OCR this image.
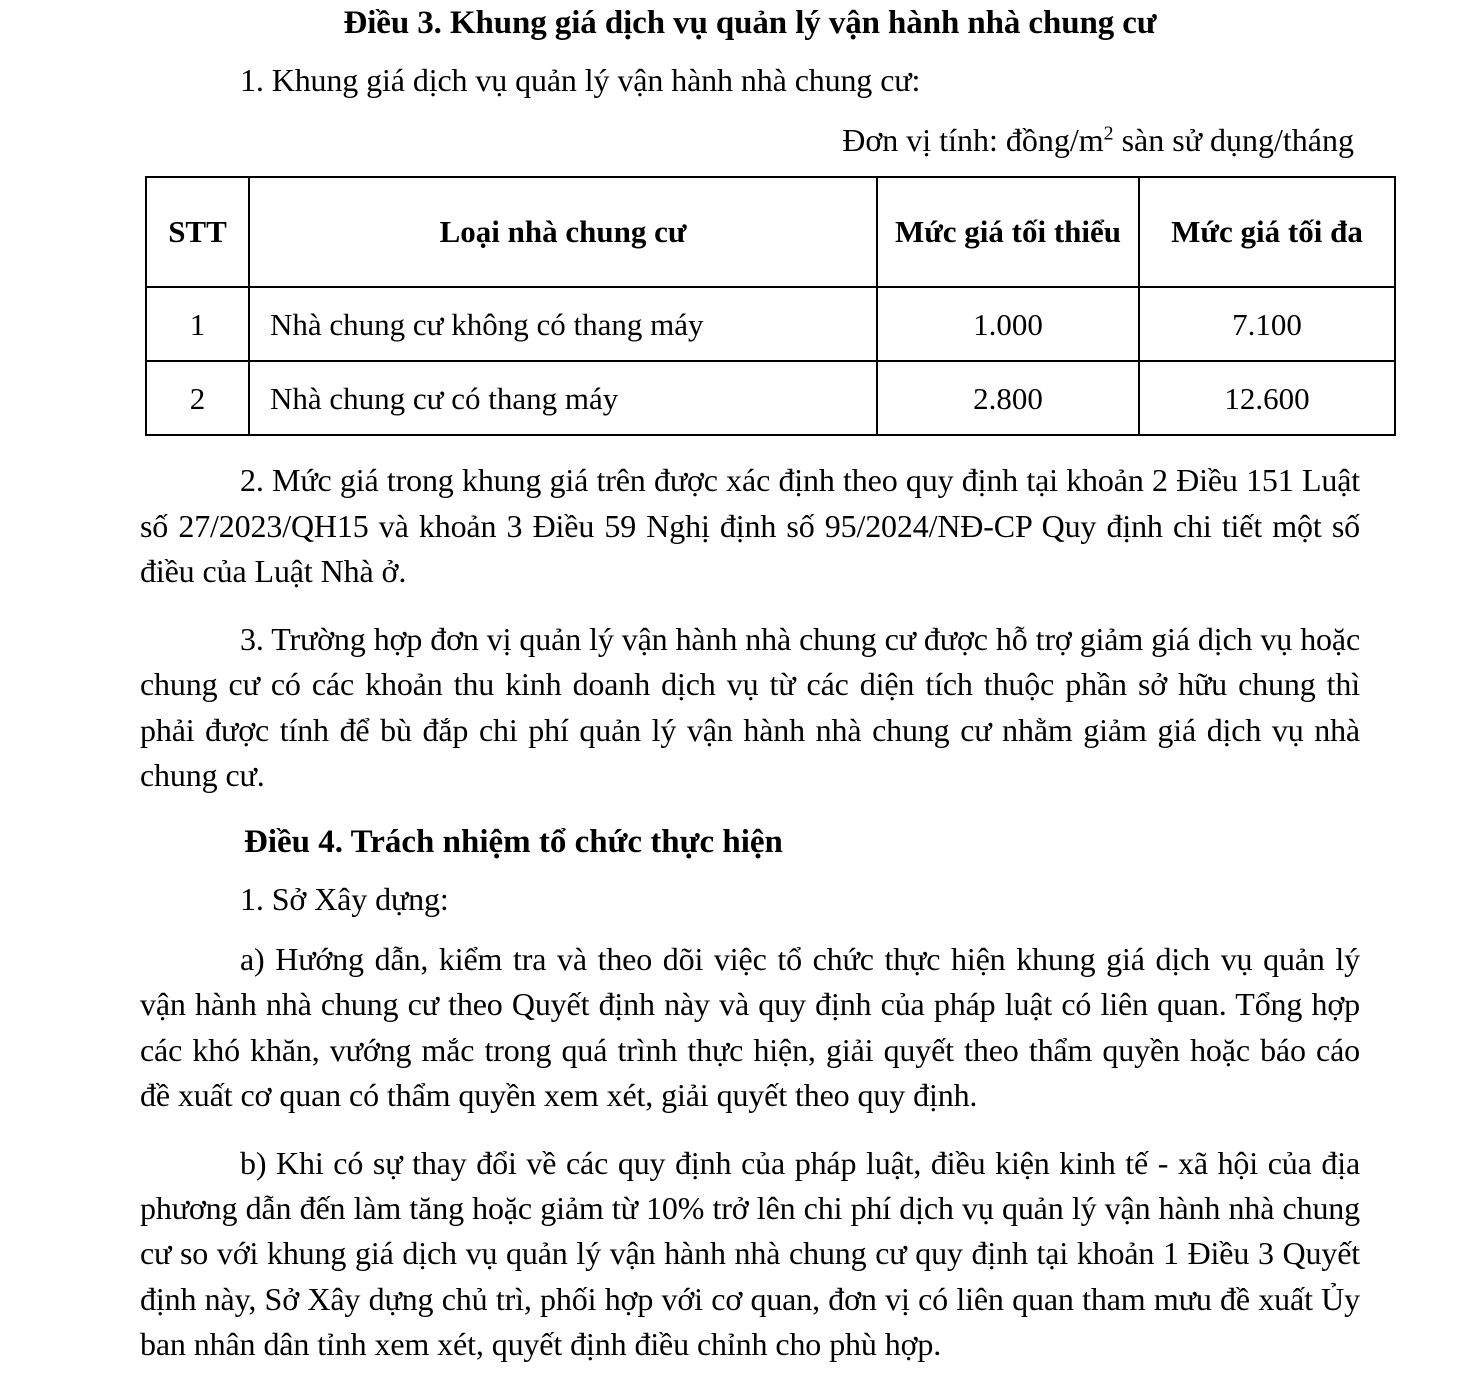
Điều 3. Khung giá dịch vụ quản lý vận hành nhà chung cư

1. Khung giá dịch vụ quản lý vận hành nhà chung cư:

Đơn vị tính: đồng/$m^2$ sàn sử dụng/tháng

STT	Loại nhà chung cư	Mức giá tối thiểu	Mức giá tối đa
1	Nhà chung cư không có thang máy	1.000	7.100
2	Nhà chung cư có thang máy	2.800	12.600

2. Mức giá trong khung giá trên được xác định theo quy định tại khoản 2 Điều 151 Luật số 27/2023/QH15 và khoản 3 Điều 59 Nghị định số 95/2024/NĐ-CP Quy định chi tiết một số điều của Luật Nhà ở.

3. Trường hợp đơn vị quản lý vận hành nhà chung cư được hỗ trợ giảm giá dịch vụ hoặc chung cư có các khoản thu kinh doanh dịch vụ từ các diện tích thuộc phần sở hữu chung thì phải được tính để bù đắp chi phí quản lý vận hành nhà chung cư nhằm giảm giá dịch vụ nhà chung cư.

Điều 4. Trách nhiệm tổ chức thực hiện

1. Sở Xây dựng:

a) Hướng dẫn, kiểm tra và theo dõi việc tổ chức thực hiện khung giá dịch vụ quản lý vận hành nhà chung cư theo Quyết định này và quy định của pháp luật có liên quan. Tổng hợp các khó khăn, vướng mắc trong quá trình thực hiện, giải quyết theo thẩm quyền hoặc báo cáo đề xuất cơ quan có thẩm quyền xem xét, giải quyết theo quy định.

b) Khi có sự thay đổi về các quy định của pháp luật, điều kiện kinh tế - xã hội của địa phương dẫn đến làm tăng hoặc giảm từ 10% trở lên chi phí dịch vụ quản lý vận hành nhà chung cư so với khung giá dịch vụ quản lý vận hành nhà chung cư quy định tại khoản 1 Điều 3 Quyết định này, Sở Xây dựng chủ trì, phối hợp với cơ quan, đơn vị có liên quan tham mưu đề xuất Ủy ban nhân dân tỉnh xem xét, quyết định điều chỉnh cho phù hợp.
